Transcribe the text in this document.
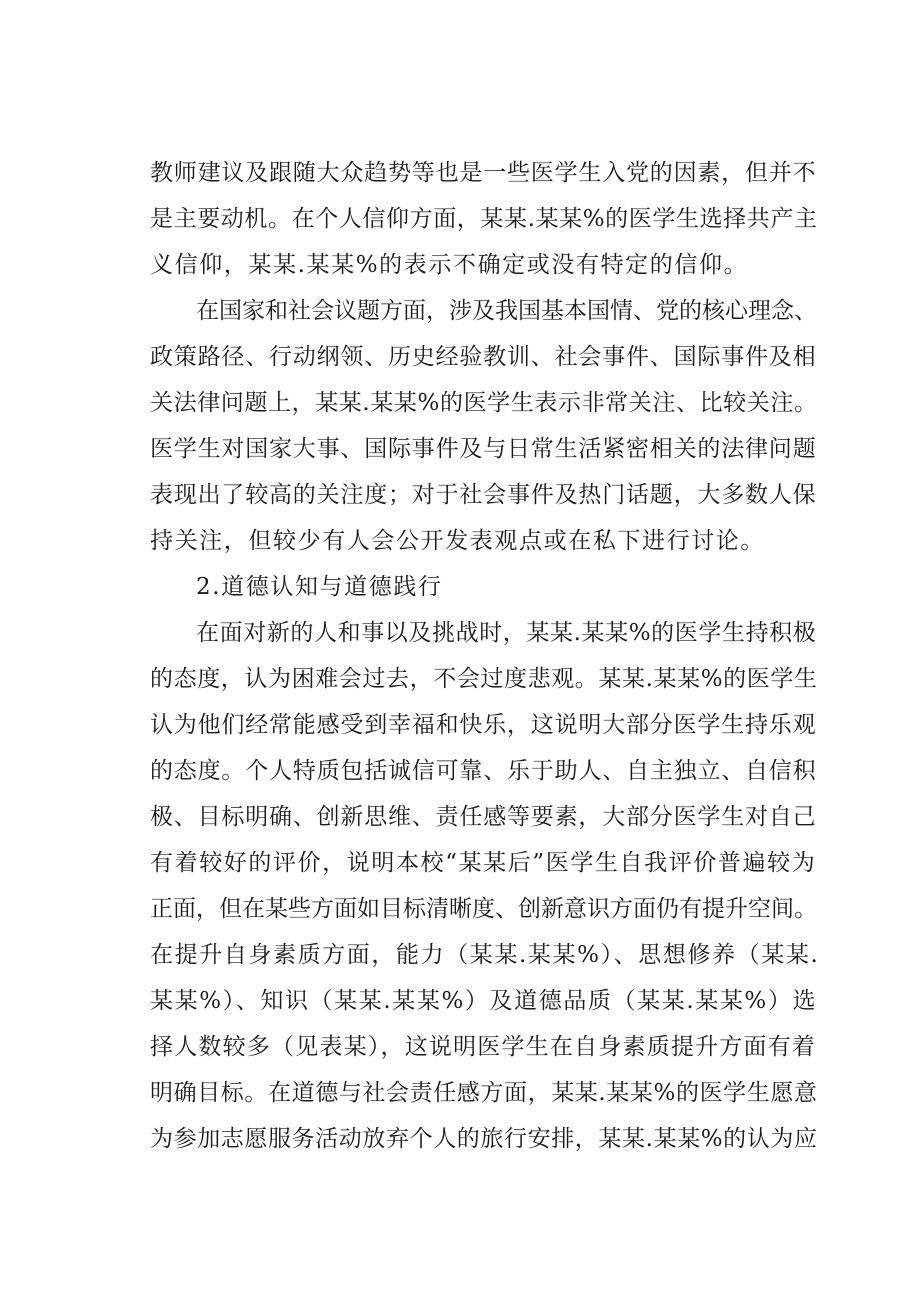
教师建议及跟随大众趋势等也是一些医学生入党的因素，但并不
是主要动机。在个人信仰方面，某某.某某%的医学生选择共产主
义信仰，某某.某某%的表示不确定或没有特定的信仰。
在国家和社会议题方面，涉及我国基本国情、党的核心理念、
政策路径、行动纲领、历史经验教训、社会事件、国际事件及相
关法律问题上，某某.某某%的医学生表示非常关注、比较关注。
医学生对国家大事、国际事件及与日常生活紧密相关的法律问题
表现出了较高的关注度；对于社会事件及热门话题，大多数人保
持关注，但较少有人会公开发表观点或在私下进行讨论。
2.道德认知与道德践行
在面对新的人和事以及挑战时，某某.某某%的医学生持积极
的态度，认为困难会过去，不会过度悲观。某某.某某%的医学生
认为他们经常能感受到幸福和快乐，这说明大部分医学生持乐观
的态度。个人特质包括诚信可靠、乐于助人、自主独立、自信积
极、目标明确、创新思维、责任感等要素，大部分医学生对自己
有着较好的评价，说明本校“某某后”医学生自我评价普遍较为
正面，但在某些方面如目标清晰度、创新意识方面仍有提升空间。
在提升自身素质方面，能力（某某.某某%）、思想修养（某某.
某某%）、知识（某某.某某%）及道德品质（某某.某某%）选
择人数较多（见表某），这说明医学生在自身素质提升方面有着
明确目标。在道德与社会责任感方面，某某.某某%的医学生愿意
为参加志愿服务活动放弃个人的旅行安排，某某.某某%的认为应
